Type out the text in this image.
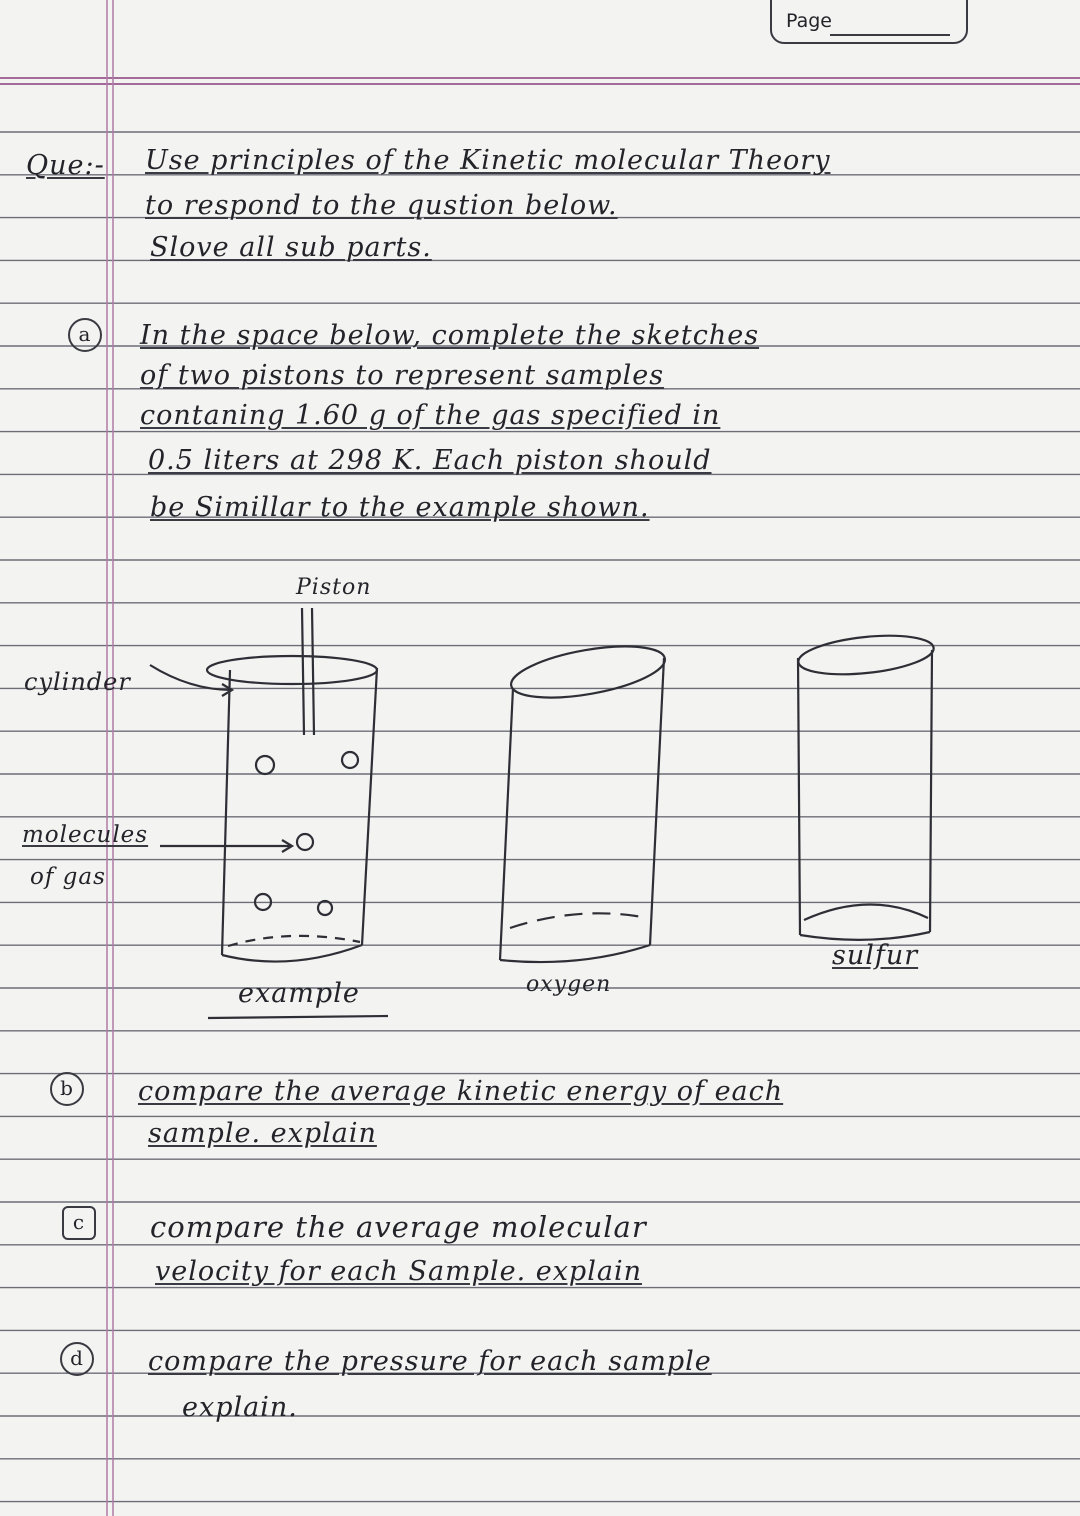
Page
Que:- Use principles of the Kinetic molecular Theory
to respond to the qustion below.
Slove all sub parts.
a	In the space below, complete the sketches
of two pistons to represent samples
contaning 1.60 g of the gas specified in
0.5 liters at 298 K. Each piston should
be Simillar to the example shown.
Piston
cylinder
molecules
of gas
example	oxygen
sulfur
b	compare the average kinetic energy of each
sample. explain
c	compare the average molecular
velocity for each Sample. explain
d	compare the pressure for each sample
explain.
